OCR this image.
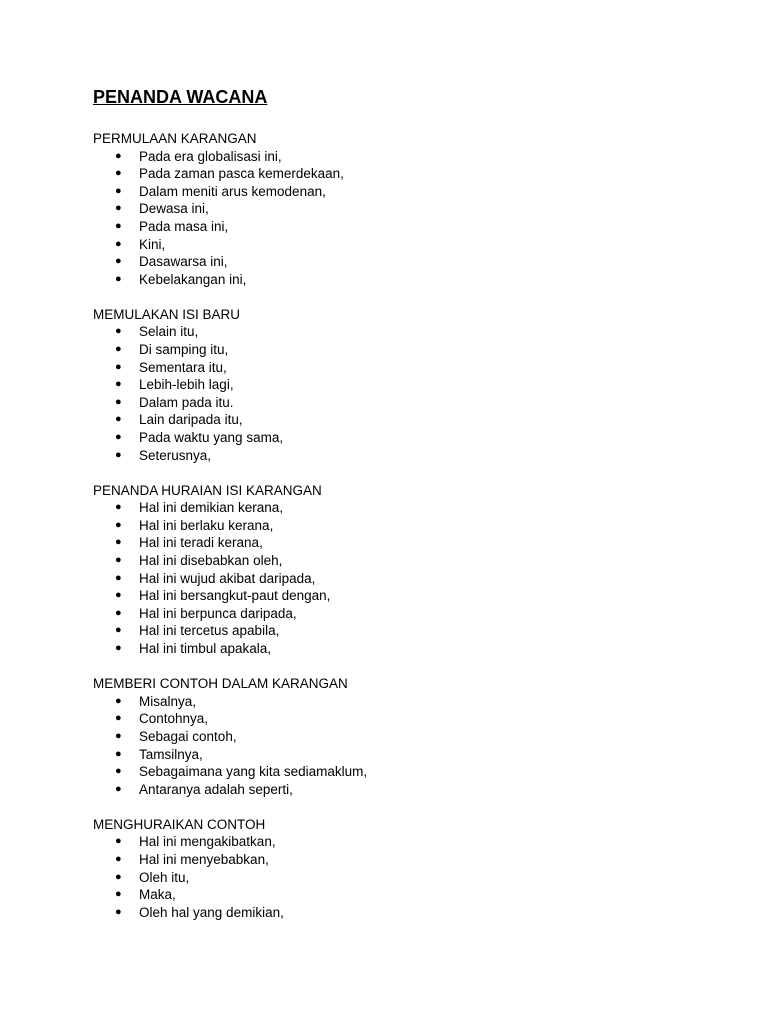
PENANDA WACANA

PERMULAAN KARANGAN

● Pada era globalisasi ini,
● Pada zaman pasca kemerdekaan,
● Dalam meniti arus kemodenan,
● Dewasa ini,
● Pada masa ini,
● Kini,
● Dasawarsa ini,
● Kebelakangan ini,

MEMULAKAN ISI BARU

● Selain itu,
● Di samping itu,
● Sementara itu,
● Lebih-lebih lagi,
● Dalam pada itu.
● Lain daripada itu,
● Pada waktu yang sama,
● Seterusnya,

PENANDA HURAIAN ISI KARANGAN

● Hal ini demikian kerana,
● Hal ini berlaku kerana,
● Hal ini teradi kerana,
● Hal ini disebabkan oleh,
● Hal ini wujud akibat daripada,
● Hal ini bersangkut-paut dengan,
● Hal ini berpunca daripada,
● Hal ini tercetus apabila,
● Hal ini timbul apakala,

MEMBERI CONTOH DALAM KARANGAN

● Misalnya,
● Contohnya,
● Sebagai contoh,
● Tamsilnya,
● Sebagaimana yang kita sediamaklum,
● Antaranya adalah seperti,

MENGHURAIKAN CONTOH

● Hal ini mengakibatkan,
● Hal ini menyebabkan,
● Oleh itu,
● Maka,
● Oleh hal yang demikian,
